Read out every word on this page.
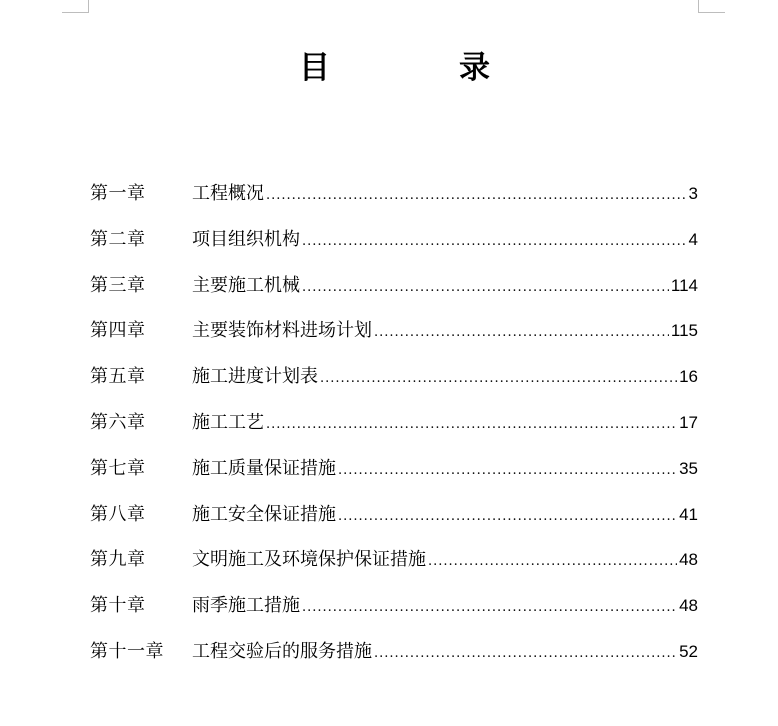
目	录
第一章	工程概况 .....	3
第二章	项目组织机构 .....	4
第三章	主要施工机械 .....	114
第四章	主要装饰材料进场计划 .....	115
第五章	施工进度计划表 .....	16
第六章	施工工艺 .....	17
第七章	施工质量保证措施 .....	35
第八章	施工安全保证措施 .....	41
第九章	文明施工及环境保护保证措施 .....	48
第十章	雨季施工措施 .....	48
第十一章	工程交验后的服务措施 .....	52
